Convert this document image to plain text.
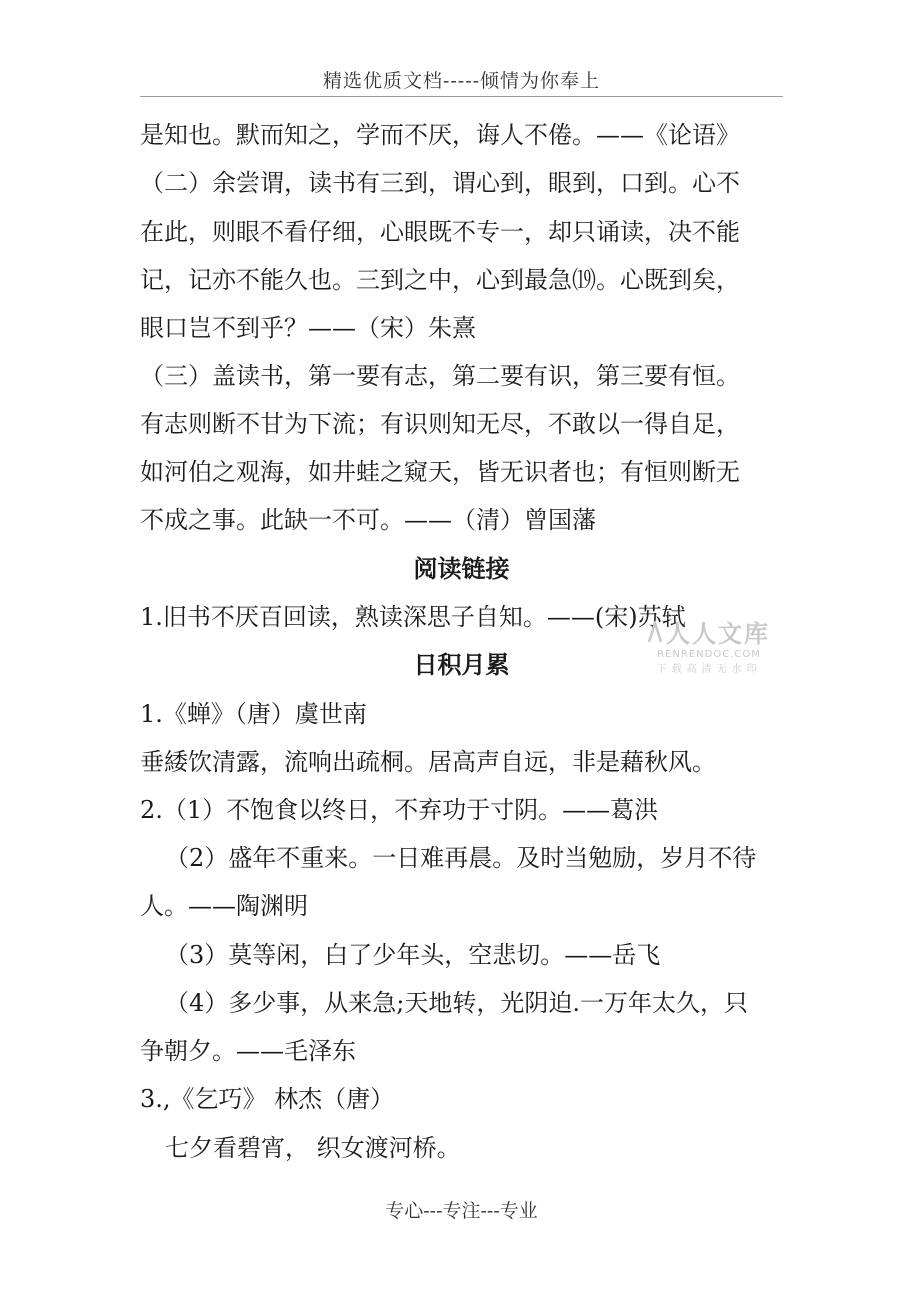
精选优质文档-----倾情为你奉上
是知也。默而知之，学而不厌，诲人不倦。——《论语》
（二）余尝谓，读书有三到，谓心到，眼到，口到。心不
在此，则眼不看仔细，心眼既不专一，却只诵读，决不能
记，记亦不能久也。三到之中，心到最急⒆。心既到矣，
眼口岂不到乎？——（宋）朱熹
（三）盖读书，第一要有志，第二要有识，第三要有恒。
有志则断不甘为下流；有识则知无尽，不敢以一得自足，
如河伯之观海，如井蛙之窥天，皆无识者也；有恒则断无
不成之事。此缺一不可。——（清）曾国藩
阅读链接
1.旧书不厌百回读，熟读深思子自知。——(宋)苏轼
日积月累
1.《蝉》（唐）虞世南
垂緌饮清露，流响出疏桐。居高声自远，非是藉秋风。
2.（1）不饱食以终日，不弃功于寸阴。——葛洪
（2）盛年不重来。一日难再晨。及时当勉励，岁月不待
人。——陶渊明
（3）莫等闲，白了少年头，空悲切。——岳飞
（4）多少事，从来急;天地转，光阴迫.一万年太久，只
争朝夕。——毛泽东
3.,《乞巧》 林杰（唐）
七夕看碧宵， 织女渡河桥。
人人文库
RENRENDOC.COM
下载高清无水印
专心---专注---专业
